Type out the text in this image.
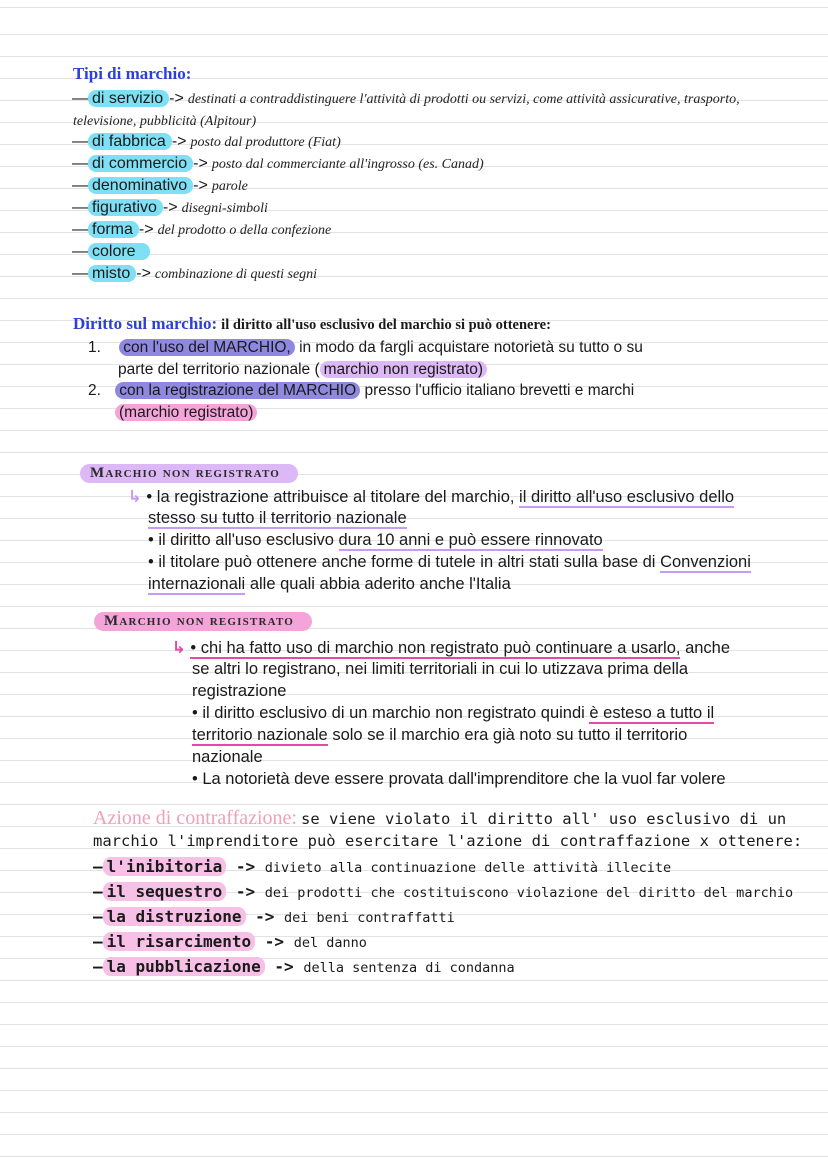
Tipi di marchio:
— di servizio -> destinati a contraddistinguere l'attività di prodotti ou servizi, come attività assicurative, trasporto,
televisione, pubblicità (Alpitour)
— di fabbrica -> posto dal produttore (Fiat)
— di commercio -> posto dal commerciante all'ingrosso (es. Canad)
— denominativo -> parole
— figurativo -> disegni-simboli
— forma -> del prodotto o della confezione
— colore
— misto -> combinazione di questi segni
Diritto sul marchio: il diritto all'uso esclusivo del marchio si può ottenere:
1. con l'uso del MARCHIO, in modo da fargli acquistare notorietà su tutto o su
parte del territorio nazionale ( marchio non registrato)
2. con la registrazione del MARCHIO presso l'ufficio italiano brevetti e marchi
(marchio registrato)
Marchio non registrato
↳ • la registrazione attribuisce al titolare del marchio, il diritto all'uso esclusivo dello
stesso su tutto il territorio nazionale
• il diritto all'uso esclusivo dura 10 anni e può essere rinnovato
• il titolare può ottenere anche forme di tutele in altri stati sulla base di Convenzioni
internazionali alle quali abbia aderito anche l'Italia
Marchio non registrato
↳ • chi ha fatto uso di marchio non registrato può continuare a usarlo, anche
se altri lo registrano, nei limiti territoriali in cui lo utizzava prima della
registrazione
• il diritto esclusivo di un marchio non registrato quindi è esteso a tutto il
territorio nazionale solo se il marchio era già noto su tutto il territorio
nazionale
• La notorietà deve essere provata dall'imprenditore che la vuol far volere
Azione di contraffazione: se viene violato il diritto all' uso esclusivo di un
marchio l'imprenditore può esercitare l'azione di contraffazione x ottenere:
— l'inibitoria -> divieto alla continuazione delle attività illecite
— il sequestro -> dei prodotti che costituiscono violazione del diritto del marchio
— la distruzione -> dei beni contraffatti
— il risarcimento -> del danno
— la pubblicazione -> della sentenza di condanna
